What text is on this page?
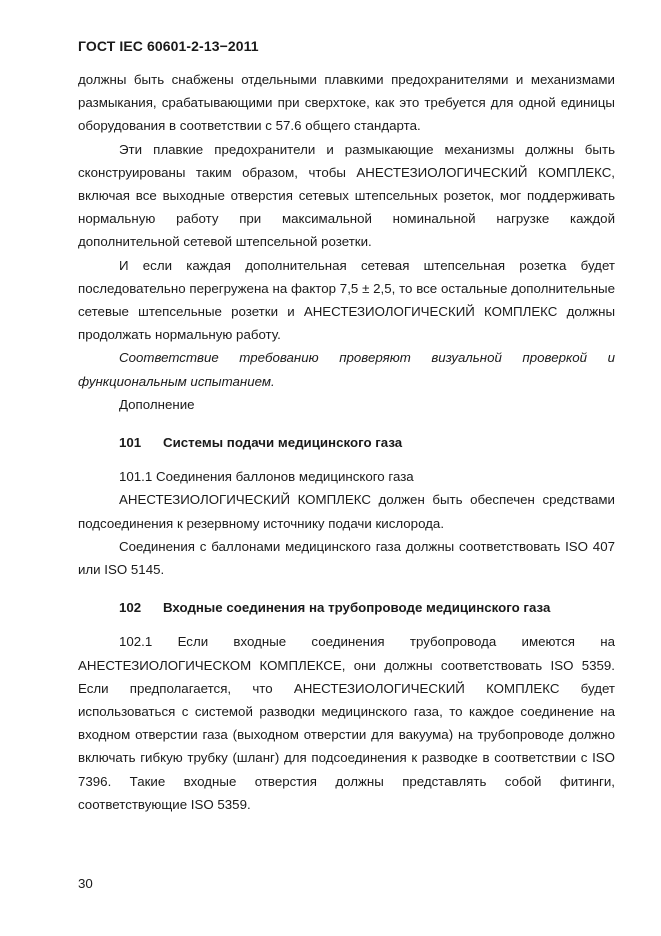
ГОСТ IEC 60601-2-13−2011

должны быть снабжены отдельными плавкими предохранителями и механизмами размыкания, срабатывающими при сверхтоке, как это требуется для одной единицы оборудования в соответствии с 57.6 общего стандарта.

Эти плавкие предохранители и размыкающие механизмы должны быть сконструированы таким образом, чтобы АНЕСТЕЗИОЛОГИЧЕСКИЙ КОМПЛЕКС, включая все выходные отверстия сетевых штепсельных розеток, мог поддерживать нормальную работу при максимальной номинальной нагрузке каждой дополнительной сетевой штепсельной розетки.

И если каждая дополнительная сетевая штепсельная розетка будет последовательно перегружена на фактор 7,5 ± 2,5, то все остальные дополнительные сетевые штепсельные розетки и АНЕСТЕЗИОЛОГИЧЕСКИЙ КОМПЛЕКС должны продолжать нормальную работу.

Соответствие требованию проверяют визуальной проверкой и функциональным испытанием.

Дополнение

101 Системы подачи медицинского газа

101.1 Соединения баллонов медицинского газа

АНЕСТЕЗИОЛОГИЧЕСКИЙ КОМПЛЕКС должен быть обеспечен средствами подсоединения к резервному источнику подачи кислорода.

Соединения с баллонами медицинского газа должны соответствовать ISO 407 или ISO 5145.

102 Входные соединения на трубопроводе медицинского газа

102.1 Если входные соединения трубопровода имеются на АНЕСТЕЗИОЛОГИЧЕСКОМ КОМПЛЕКСЕ, они должны соответствовать ISO 5359. Если предполагается, что АНЕСТЕЗИОЛОГИЧЕСКИЙ КОМПЛЕКС будет использоваться с системой разводки медицинского газа, то каждое соединение на входном отверстии газа (выходном отверстии для вакуума) на трубопроводе должно включать гибкую трубку (шланг) для подсоединения к разводке в соответствии с ISO 7396. Такие входные отверстия должны представлять собой фитинги, соответствующие ISO 5359.

30
